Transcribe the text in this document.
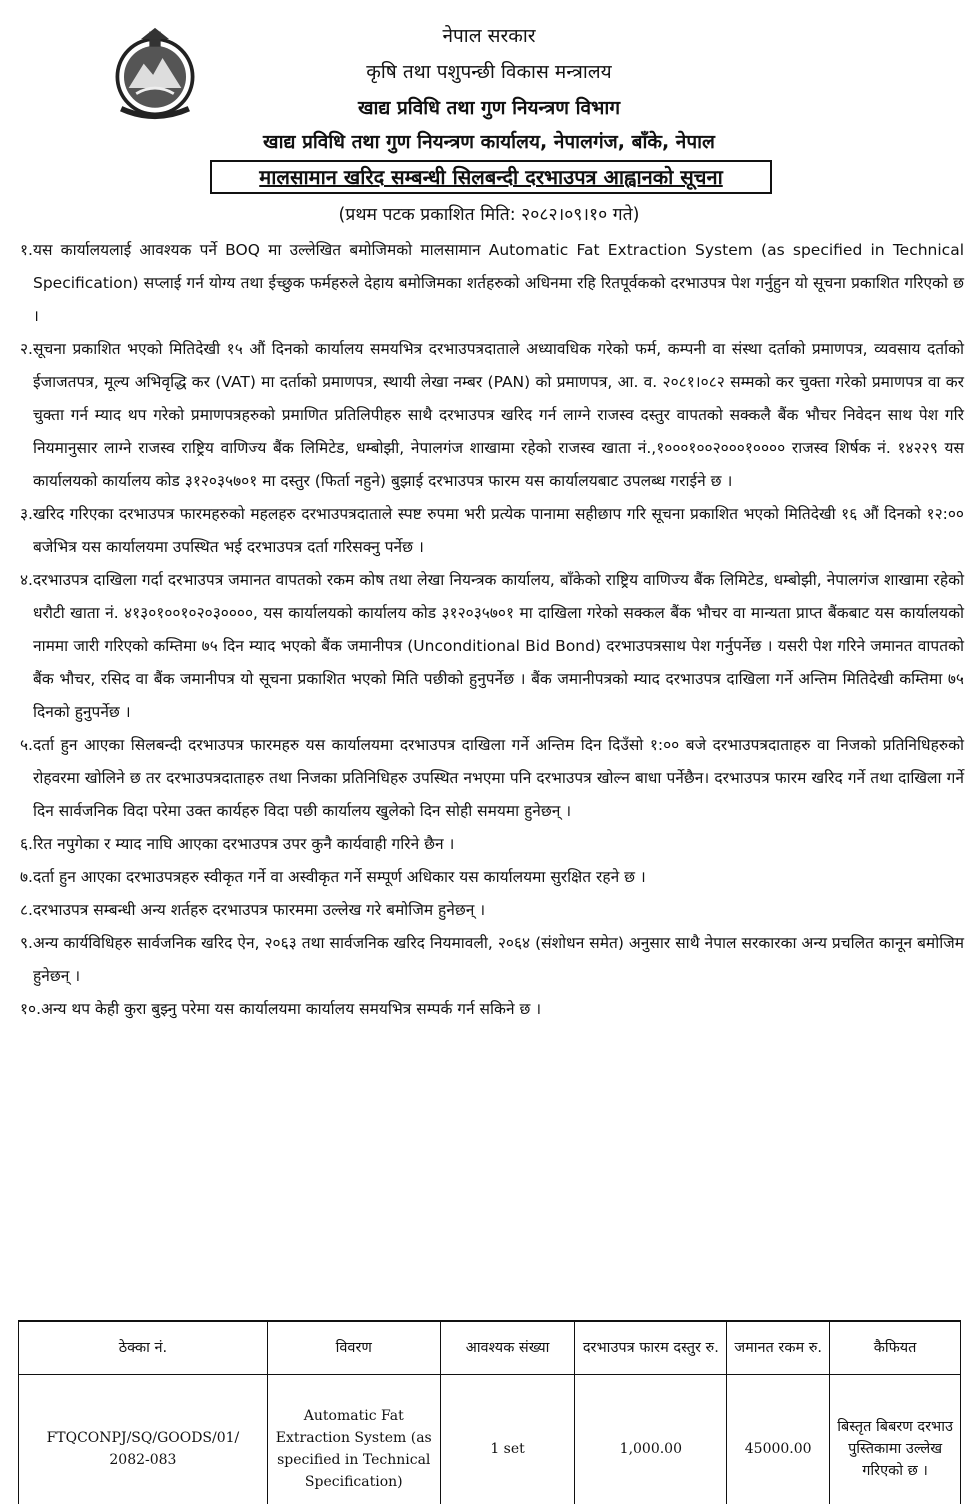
नेपाल सरकार
कृषि तथा पशुपन्छी विकास मन्त्रालय
खाद्य प्रविधि तथा गुण नियन्त्रण विभाग
खाद्य प्रविधि तथा गुण नियन्त्रण कार्यालय, नेपालगंज, बाँके, नेपाल
मालसामान खरिद सम्बन्धी सिलबन्दी दरभाउपत्र आह्वानको सूचना
(प्रथम पटक प्रकाशित मिति: २०८२।०९।१० गते)
१. यस कार्यालयलाई आवश्यक पर्ने BOQ मा उल्लेखित बमोजिमको मालसामान Automatic Fat Extraction System (as specified in Technical Specification) सप्लाई गर्न योग्य तथा ईच्छुक फर्महरुले देहाय बमोजिमका शर्तहरुको अधिनमा रहि रितपूर्वकको दरभाउपत्र पेश गर्नुहुन यो सूचना प्रकाशित गरिएको छ ।
२. सूचना प्रकाशित भएको मितिदेखी १५ औं दिनको कार्यालय समयभित्र दरभाउपत्रदाताले अध्यावधिक गरेको फर्म, कम्पनी वा संस्था दर्ताको प्रमाणपत्र, व्यवसाय दर्ताको ईजाजतपत्र, मूल्य अभिवृद्धि कर (VAT) मा दर्ताको प्रमाणपत्र, स्थायी लेखा नम्बर (PAN) को प्रमाणपत्र, आ. व. २०८१।०८२ सम्मको कर चुक्ता गरेको प्रमाणपत्र वा कर चुक्ता गर्न म्याद थप गरेको प्रमाणपत्रहरुको प्रमाणित प्रतिलिपीहरु साथै दरभाउपत्र खरिद गर्न लाग्ने राजस्व दस्तुर वापतको सक्कलै बैंक भौचर निवेदन साथ पेश गरि नियमानुसार लाग्ने राजस्व राष्ट्रिय वाणिज्य बैंक लिमिटेड, धम्बोझी, नेपालगंज शाखामा रहेको राजस्व खाता नं.,१०००१००२०००१०००० राजस्व शिर्षक नं. १४२२९ यस कार्यालयको कार्यालय कोड ३१२०३५७०१ मा दस्तुर (फिर्ता नहुने) बुझाई दरभाउपत्र फारम यस कार्यालयबाट उपलब्ध गराईने छ ।
३. खरिद गरिएका दरभाउपत्र फारमहरुको महलहरु दरभाउपत्रदाताले स्पष्ट रुपमा भरी प्रत्येक पानामा सहीछाप गरि सूचना प्रकाशित भएको मितिदेखी १६ औं दिनको १२:०० बजेभित्र यस कार्यालयमा उपस्थित भई दरभाउपत्र दर्ता गरिसक्नु पर्नेछ ।
४. दरभाउपत्र दाखिला गर्दा दरभाउपत्र जमानत वापतको रकम कोष तथा लेखा नियन्त्रक कार्यालय, बाँकेको राष्ट्रिय वाणिज्य बैंक लिमिटेड, धम्बोझी, नेपालगंज शाखामा रहेको धरौटी खाता नं. ४१३०१००१०२०३००००, यस कार्यालयको कार्यालय कोड ३१२०३५७०१ मा दाखिला गरेको सक्कल बैंक भौचर वा मान्यता प्राप्त बैंकबाट यस कार्यालयको नाममा जारी गरिएको कम्तिमा ७५ दिन म्याद भएको बैंक जमानीपत्र (Unconditional Bid Bond) दरभाउपत्रसाथ पेश गर्नुपर्नेछ । यसरी पेश गरिने जमानत वापतको बैंक भौचर, रसिद वा बैंक जमानीपत्र यो सूचना प्रकाशित भएको मिति पछीको हुनुपर्नेछ । बैंक जमानीपत्रको म्याद दरभाउपत्र दाखिला गर्ने अन्तिम मितिदेखी कम्तिमा ७५ दिनको हुनुपर्नेछ ।
५. दर्ता हुन आएका सिलबन्दी दरभाउपत्र फारमहरु यस कार्यालयमा दरभाउपत्र दाखिला गर्ने अन्तिम दिन दिउँसो १:०० बजे दरभाउपत्रदाताहरु वा निजको प्रतिनिधिहरुको रोहवरमा खोलिने छ तर दरभाउपत्रदाताहरु तथा निजका प्रतिनिधिहरु उपस्थित नभएमा पनि दरभाउपत्र खोल्न बाधा पर्नेछैन। दरभाउपत्र फारम खरिद गर्ने तथा दाखिला गर्ने दिन सार्वजनिक विदा परेमा उक्त कार्यहरु विदा पछी कार्यालय खुलेको दिन सोही समयमा हुनेछन् ।
६. रित नपुगेका र म्याद नाघि आएका दरभाउपत्र उपर कुनै कार्यवाही गरिने छैन ।
७. दर्ता हुन आएका दरभाउपत्रहरु स्वीकृत गर्ने वा अस्वीकृत गर्ने सम्पूर्ण अधिकार यस कार्यालयमा सुरक्षित रहने छ ।
८. दरभाउपत्र सम्बन्धी अन्य शर्तहरु दरभाउपत्र फारममा उल्लेख गरे बमोजिम हुनेछन् ।
९. अन्य कार्यविधिहरु सार्वजनिक खरिद ऐन, २०६३ तथा सार्वजनिक खरिद नियमावली, २०६४ (संशोधन समेत) अनुसार साथै नेपाल सरकारका अन्य प्रचलित कानून बमोजिम हुनेछन् ।
१०. अन्य थप केही कुरा बुझ्नु परेमा यस कार्यालयमा कार्यालय समयभित्र सम्पर्क गर्न सकिने छ ।
ठेक्का नं.	विवरण	आवश्यक संख्या	दरभाउपत्र फारम दस्तुर रु.	जमानत रकम रु.	कैफियत
FTQCONPJ/SQ/GOODS/01/ 2082-083	Automatic Fat Extraction System (as specified in Technical Specification)	1 set	1,000.00	45000.00	बिस्तृत बिबरण दरभाउ पुस्तिकामा उल्लेख गरिएको छ ।
